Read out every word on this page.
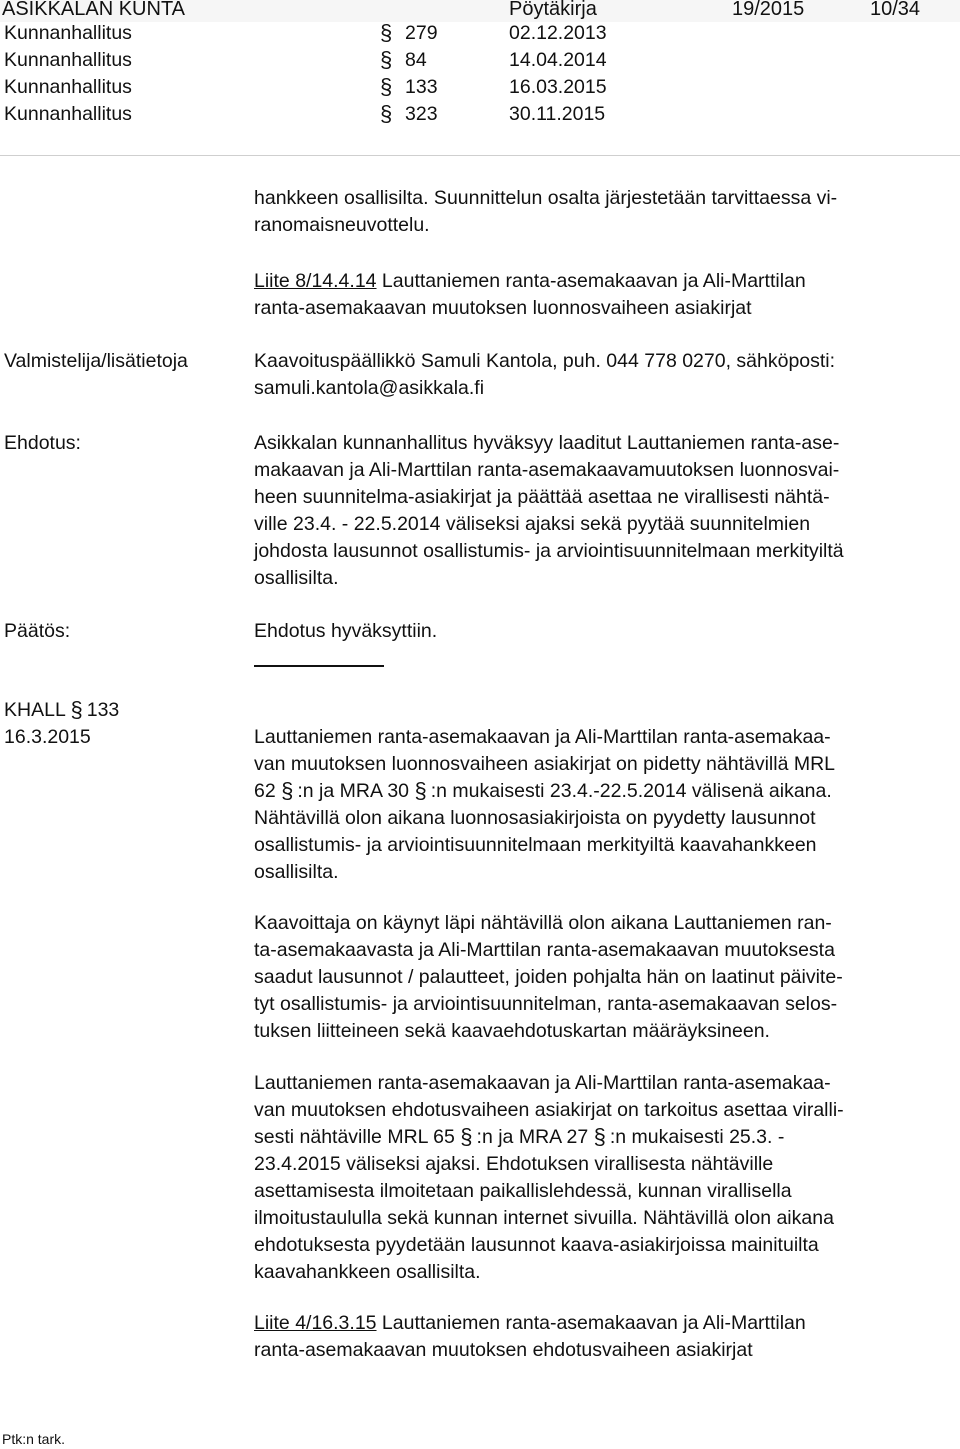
ASIKKALAN KUNTA	Pöytäkirja	19/2015	10/34
Kunnanhallitus	§ 279	02.12.2013
Kunnanhallitus	§ 84	14.04.2014
Kunnanhallitus	§ 133	16.03.2015
Kunnanhallitus	§ 323	30.11.2015
hankkeen osallisilta. Suunnittelun osalta järjestetään tarvittaessa vi-
ranomaisneuvottelu.
Liite 8/14.4.14 Lauttaniemen ranta-asemakaavan ja Ali-Marttilan
ranta-asemakaavan muutoksen luonnosvaiheen asiakirjat
Valmistelija/lisätietoja	Kaavoituspäällikkö Samuli Kantola, puh. 044 778 0270, sähköposti:
samuli.kantola@asikkala.fi
Ehdotus:	Asikkalan kunnanhallitus hyväksyy laaditut Lauttaniemen ranta-ase-
makaavan ja Ali-Marttilan ranta-asemakaavamuutoksen luonnosvai-
heen suunnitelma-asiakirjat ja päättää asettaa ne virallisesti nähtä-
ville 23.4. - 22.5.2014 väliseksi ajaksi sekä pyytää suunnitelmien
johdosta lausunnot osallistumis- ja arviointisuunnitelmaan merkityiltä
osallisilta.
Päätös:	Ehdotus hyväksyttiin.
KHALL § 133
16.3.2015	Lauttaniemen ranta-asemakaavan ja Ali-Marttilan ranta-asemakaa-
van muutoksen luonnosvaiheen asiakirjat on pidetty nähtävillä MRL
62 § :n ja MRA 30 § :n mukaisesti 23.4.-22.5.2014 välisenä aikana.
Nähtävillä olon aikana luonnosasiakirjoista on pyydetty lausunnot
osallistumis- ja arviointisuunnitelmaan merkityiltä kaavahankkeen
osallisilta.
Kaavoittaja on käynyt läpi nähtävillä olon aikana Lauttaniemen ran-
ta-asemakaavasta ja Ali-Marttilan ranta-asemakaavan muutoksesta
saadut lausunnot / palautteet, joiden pohjalta hän on laatinut päivite-
tyt osallistumis- ja arviointisuunnitelman, ranta-asemakaavan selos-
tuksen liitteineen sekä kaavaehdotuskartan määräyksineen.
Lauttaniemen ranta-asemakaavan ja Ali-Marttilan ranta-asemakaa-
van muutoksen ehdotusvaiheen asiakirjat on tarkoitus asettaa viralli-
sesti nähtäville MRL 65 § :n ja MRA 27 § :n mukaisesti 25.3. -
23.4.2015 väliseksi ajaksi. Ehdotuksen virallisesta nähtäville
asettamisesta ilmoitetaan paikallislehdessä, kunnan virallisella
ilmoitustaululla sekä kunnan internet sivuilla. Nähtävillä olon aikana
ehdotuksesta pyydetään lausunnot kaava-asiakirjoissa mainituilta
kaavahankkeen osallisilta.
Liite 4/16.3.15 Lauttaniemen ranta-asemakaavan ja Ali-Marttilan
ranta-asemakaavan muutoksen ehdotusvaiheen asiakirjat
Ptk:n tark.
